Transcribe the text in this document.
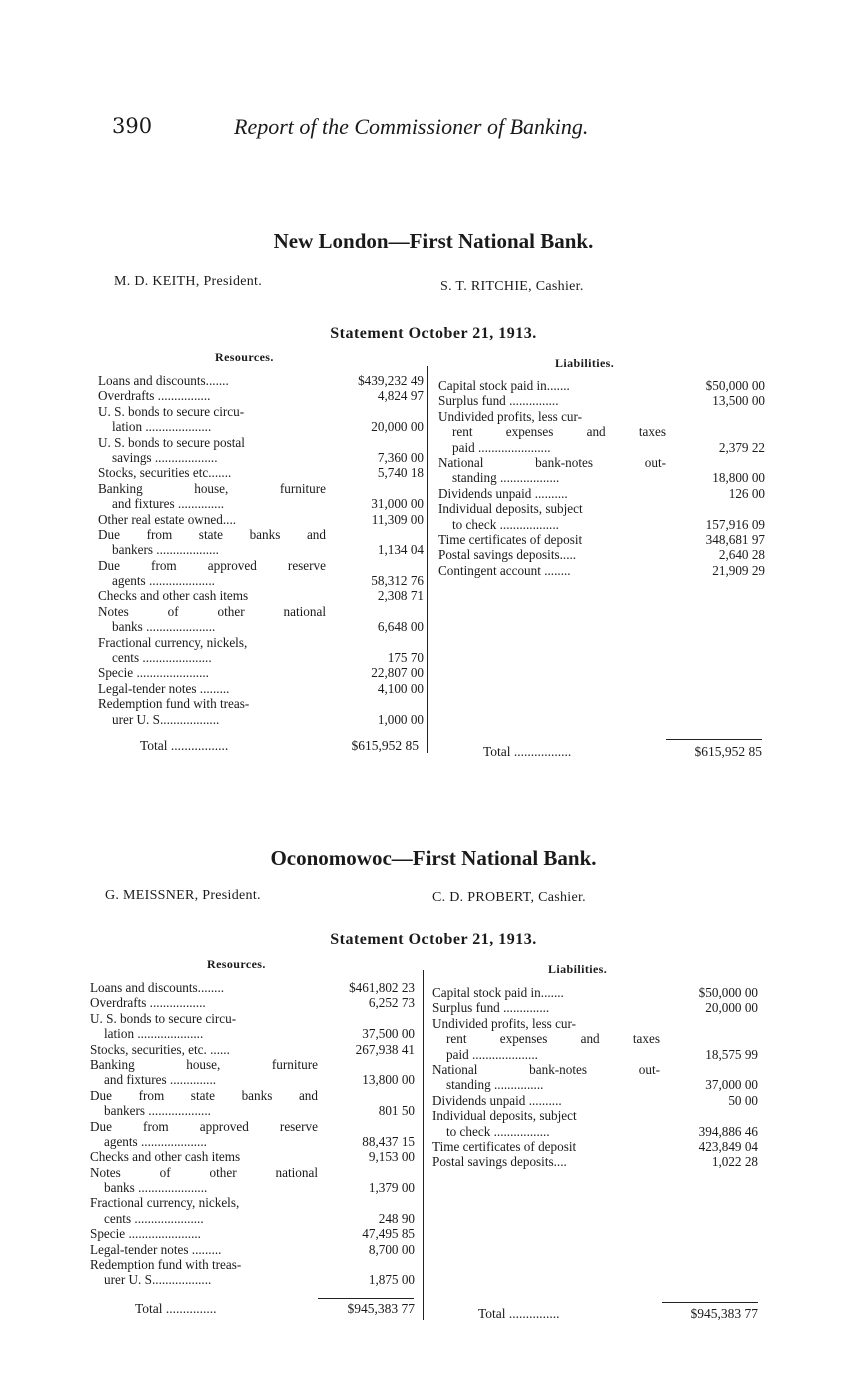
390	Report of the Commissioner of Banking.
New London—First National Bank.
M. D. KEITH, President.	S. T. RITCHIE, Cashier.
Statement October 21, 1913.
Resources.	Liabilities.
Loans and discounts.......	$439,232 49
Overdrafts ................	4,824 97
U. S. bonds to secure circu-
lation ....................	20,000 00
U. S. bonds to secure postal
savings ...................	7,360 00
Stocks, securities etc.......	5,740 18
Banking house, furniture
and fixtures ..............	31,000 00
Other real estate owned....	11,309 00
Due from state banks and
bankers ...................	1,134 04
Due from approved reserve
agents ....................	58,312 76
Checks and other cash items	2,308 71
Notes of other national
banks .....................	6,648 00
Fractional currency, nickels,
cents .....................	175 70
Specie ......................	22,807 00
Legal-tender notes .........	4,100 00
Redemption fund with treas-
urer U. S..................	1,000 00
Capital stock paid in.......	$50,000 00
Surplus fund ...............	13,500 00
Undivided profits, less cur-
rent expenses and taxes
paid ......................	2,379 22
National bank-notes out-
standing ..................	18,800 00
Dividends unpaid ..........	126 00
Individual deposits, subject
to check ..................	157,916 09
Time certificates of deposit	348,681 97
Postal savings deposits.....	2,640 28
Contingent account ........	21,909 29
Total .................	$615,952 85	Total .................	$615,952 85
Oconomowoc—First National Bank.
G. MEISSNER, President.	C. D. PROBERT, Cashier.
Statement October 21, 1913.
Resources.	Liabilities.
Loans and discounts........	$461,802 23
Overdrafts .................	6,252 73
U. S. bonds to secure circu-
lation ....................	37,500 00
Stocks, securities, etc. ......	267,938 41
Banking house, furniture
and fixtures ..............	13,800 00
Due from state banks and
bankers ...................	801 50
Due from approved reserve
agents ....................	88,437 15
Checks and other cash items	9,153 00
Notes of other national
banks .....................	1,379 00
Fractional currency, nickels,
cents .....................	248 90
Specie ......................	47,495 85
Legal-tender notes .........	8,700 00
Redemption fund with treas-
urer U. S..................	1,875 00
Capital stock paid in.......	$50,000 00
Surplus fund ..............	20,000 00
Undivided profits, less cur-
rent expenses and taxes
paid ....................	18,575 99
National bank-notes out-
standing ...............	37,000 00
Dividends unpaid ..........	50 00
Individual deposits, subject
to check .................	394,886 46
Time certificates of deposit	423,849 04
Postal savings deposits....	1,022 28
Total ...............	$945,383 77	Total ...............	$945,383 77
